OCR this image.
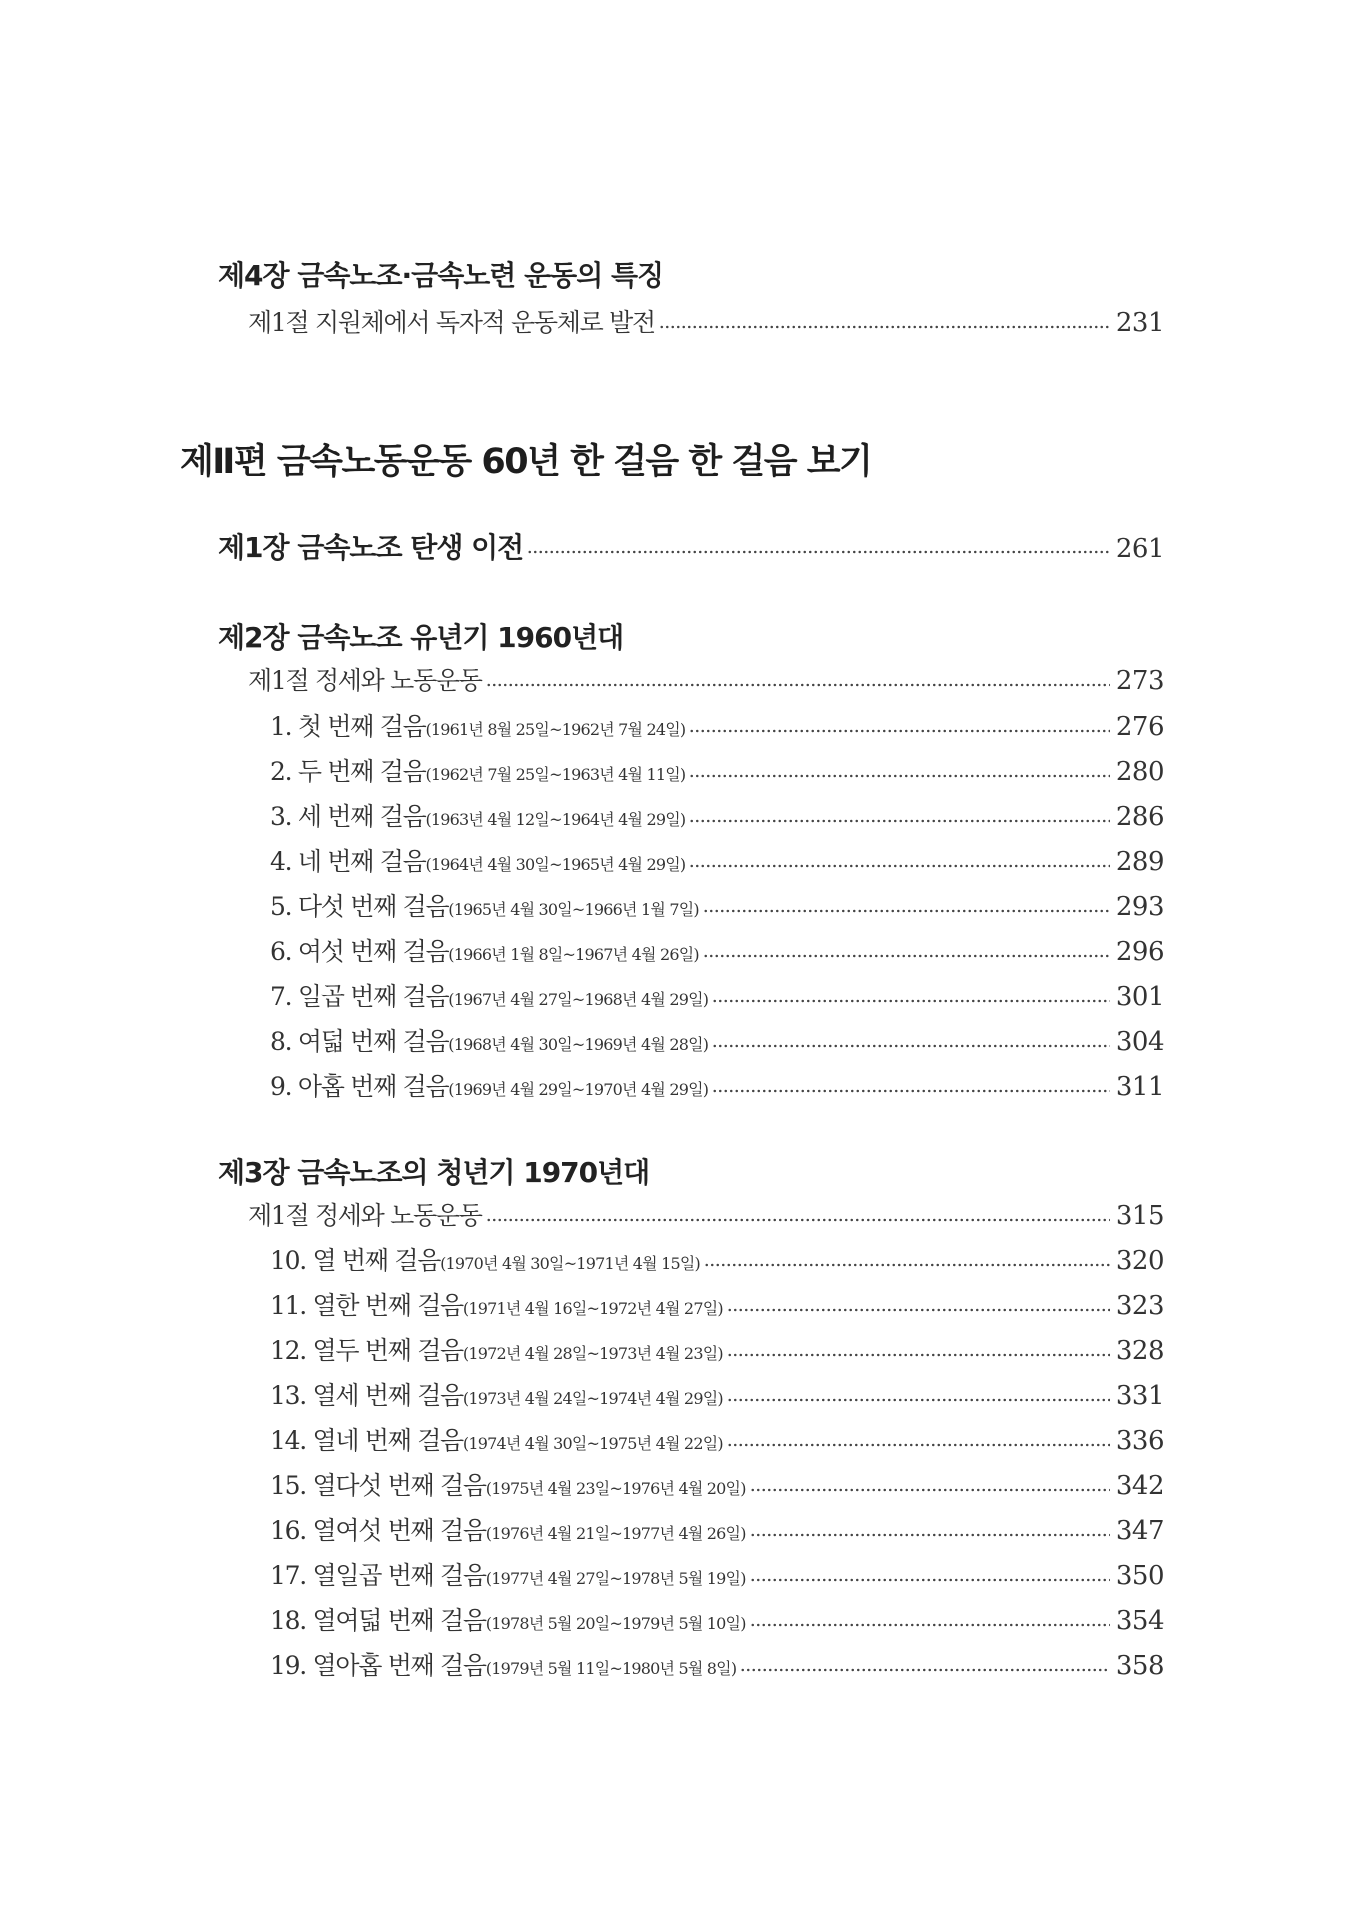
제4장 금속노조·금속노련 운동의 특징
제1절 지원체에서 독자적 운동체로 발전	231
제Ⅱ편 금속노동운동 60년 한 걸음 한 걸음 보기
제1장 금속노조 탄생 이전	261
제2장 금속노조 유년기 1960년대
제1절 정세와 노동운동	273
1. 첫 번째 걸음 (1961년 8월 25일~1962년 7월 24일)	276
2. 두 번째 걸음 (1962년 7월 25일~1963년 4월 11일)	280
3. 세 번째 걸음 (1963년 4월 12일~1964년 4월 29일)	286
4. 네 번째 걸음 (1964년 4월 30일~1965년 4월 29일)	289
5. 다섯 번째 걸음 (1965년 4월 30일~1966년 1월 7일)	293
6. 여섯 번째 걸음 (1966년 1월 8일~1967년 4월 26일)	296
7. 일곱 번째 걸음 (1967년 4월 27일~1968년 4월 29일)	301
8. 여덟 번째 걸음 (1968년 4월 30일~1969년 4월 28일)	304
9. 아홉 번째 걸음 (1969년 4월 29일~1970년 4월 29일)	311
제3장 금속노조의 청년기 1970년대
제1절 정세와 노동운동	315
10. 열 번째 걸음 (1970년 4월 30일~1971년 4월 15일)	320
11. 열한 번째 걸음 (1971년 4월 16일~1972년 4월 27일)	323
12. 열두 번째 걸음 (1972년 4월 28일~1973년 4월 23일)	328
13. 열세 번째 걸음 (1973년 4월 24일~1974년 4월 29일)	331
14. 열네 번째 걸음 (1974년 4월 30일~1975년 4월 22일)	336
15. 열다섯 번째 걸음 (1975년 4월 23일~1976년 4월 20일)	342
16. 열여섯 번째 걸음 (1976년 4월 21일~1977년 4월 26일)	347
17. 열일곱 번째 걸음 (1977년 4월 27일~1978년 5월 19일)	350
18. 열여덟 번째 걸음 (1978년 5월 20일~1979년 5월 10일)	354
19. 열아홉 번째 걸음 (1979년 5월 11일~1980년 5월 8일)	358
